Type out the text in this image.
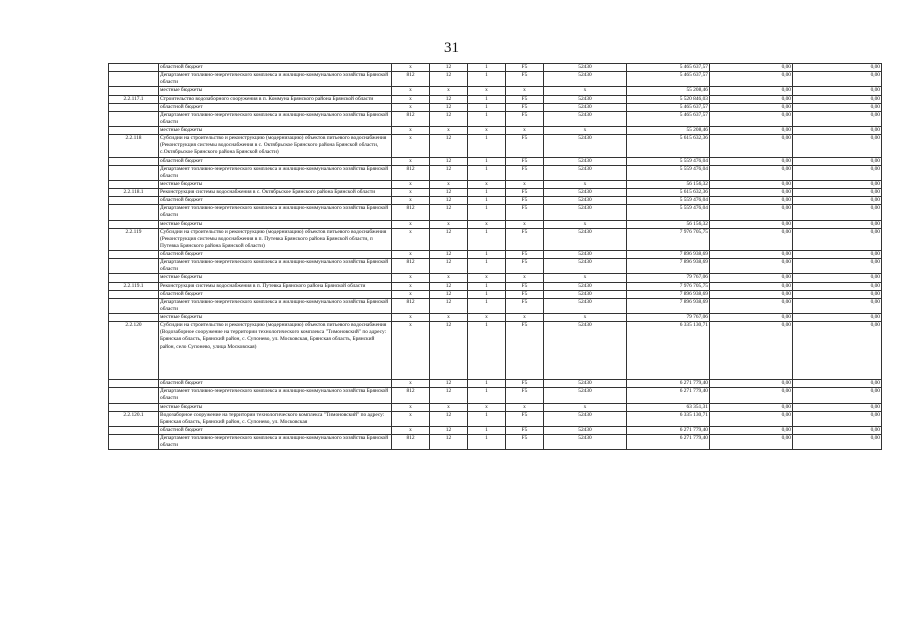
31
	областной бюджет	x	12	1	F5	52430	5 465 637,57	0,00	0,00
	Департамент топливно-энергетического комплекса и жилищно-коммунального хозяйства Брянской области	812	12	1	F5	52430	5 465 637,57	0,00	0,00
	местные бюджеты	x	x	x	x	x	55 208,46	0,00	0,00
2.2.117.1	Строительство водозаборного сооружения в п. Коммуна Брянского района Брянской области	x	12	1	F5	52430	5 520 846,03	0,00	0,00
	областной бюджет	x	12	1	F5	52430	5 465 637,57	0,00	0,00
	Департамент топливно-энергетического комплекса и жилищно-коммунального хозяйства Брянской области	812	12	1	F5	52430	5 465 637,57	0,00	0,00
	местные бюджеты	x	x	x	x	x	55 208,46	0,00	0,00
2.2.118	Субсидии на строительство и реконструкцию (модернизацию) объектов питьевого водоснабжения (Реконструкция системы водоснабжения в с. Октябрьское Брянского района Брянской области, с.Октябрьское Брянского района Брянской области)	x	12	1	F5	52430	5 615 632,36	0,00	0,00
	областной бюджет	x	12	1	F5	52430	5 559 476,04	0,00	0,00
	Департамент топливно-энергетического комплекса и жилищно-коммунального хозяйства Брянской области	812	12	1	F5	52430	5 559 476,04	0,00	0,00
	местные бюджеты	x	x	x	x	x	56 156,32	0,00	0,00
2.2.118.1	Реконструкция системы водоснабжения в с. Октябрьское Брянского района Брянской области	x	12	1	F5	52430	5 615 632,36	0,00	0,00
	областной бюджет	x	12	1	F5	52430	5 559 476,04	0,00	0,00
	Департамент топливно-энергетического комплекса и жилищно-коммунального хозяйства Брянской области	812	12	1	F5	52430	5 559 476,04	0,00	0,00
	местные бюджеты	x	x	x	x	x	56 156,32	0,00	0,00
2.2.119	Субсидии на строительство и реконструкцию (модернизацию) объектов питьевого водоснабжения (Реконструкция системы водоснабжения в п. Путевка Брянского района Брянской области, п Путевка Брянского района Брянской области)	x	12	1	F5	52430	7 976 705,75	0,00	0,00
	областной бюджет	x	12	1	F5	52430	7 896 938,69	0,00	0,00
	Департамент топливно-энергетического комплекса и жилищно-коммунального хозяйства Брянской области	812	12	1	F5	52430	7 896 938,69	0,00	0,00
	местные бюджеты	x	x	x	x	x	79 767,06	0,00	0,00
2.2.119.1	Реконструкция системы водоснабжения в п. Путевка Брянского района Брянской области	x	12	1	F5	52430	7 976 705,75	0,00	0,00
	областной бюджет	x	12	1	F5	52430	7 896 938,69	0,00	0,00
	Департамент топливно-энергетического комплекса и жилищно-коммунального хозяйства Брянской области	812	12	1	F5	52430	7 896 938,69	0,00	0,00
	местные бюджеты	x	x	x	x	x	79 767,06	0,00	0,00
2.2.120	Субсидии на строительство и реконструкцию (модернизацию) объектов питьевого водоснабжения (Водозаборное сооружение на территории технологического комплекса "Тимоновский" по адресу: Брянская область, Брянский район, с. Супонево, ул. Московская, Брянская область, Брянский район, село Супонево, улица Московская)	x	12	1	F5	52430	6 335 130,71	0,00	0,00
	областной бюджет	x	12	1	F5	52430	6 271 779,40	0,00	0,00
	Департамент топливно-энергетического комплекса и жилищно-коммунального хозяйства Брянской области	812	12	1	F5	52430	6 271 779,40	0,00	0,00
	местные бюджеты	x	x	x	x	x	63 351,31	0,00	0,00
2.2.120.1	Водозаборное сооружение на территории технологического комплекса "Тимоновский" по адресу: Брянская область, Брянский район, с. Супонево, ул. Московская	x	12	1	F5	52430	6 335 130,71	0,00	0,00
	областной бюджет	x	12	1	F5	52430	6 271 779,40	0,00	0,00
	Департамент топливно-энергетического комплекса и жилищно-коммунального хозяйства Брянской области	812	12	1	F5	52430	6 271 779,40	0,00	0,00
